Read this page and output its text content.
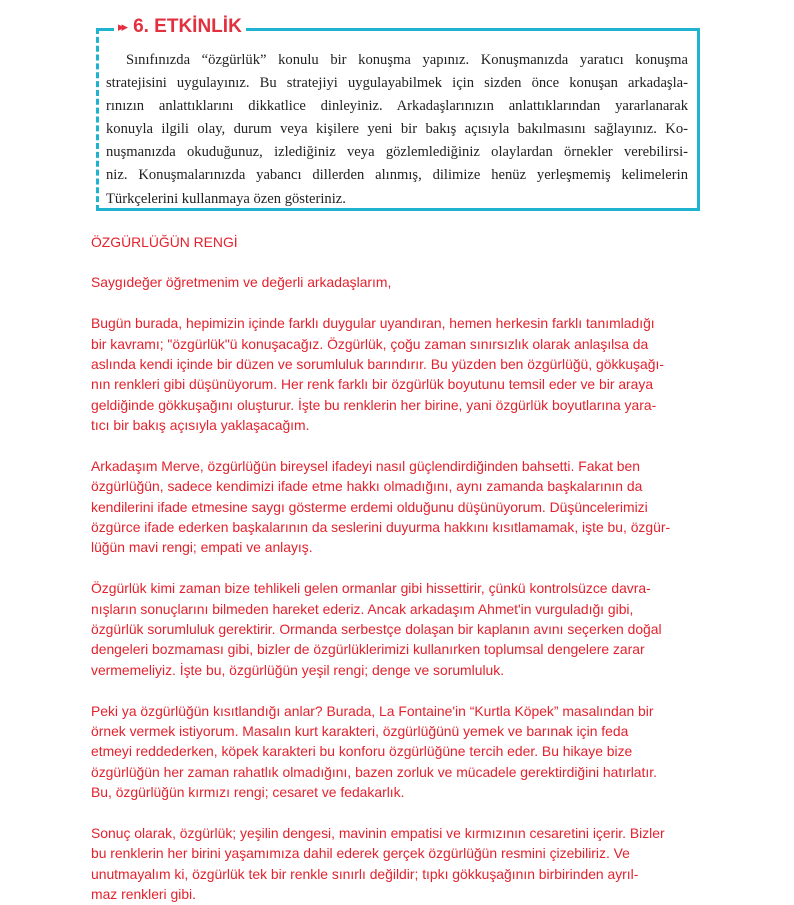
▸▸ 6. ETKİNLİK
Sınıfınızda “özgürlük” konulu bir konuşma yapınız. Konuşmanızda yaratıcı konuşma
stratejisini uygulayınız. Bu stratejiyi uygulayabilmek için sizden önce konuşan arkadaşla-
rınızın anlattıklarını dikkatlice dinleyiniz. Arkadaşlarınızın anlattıklarından yararlanarak
konuyla ilgili olay, durum veya kişilere yeni bir bakış açısıyla bakılmasını sağlayınız. Ko-
nuşmanızda okuduğunuz, izlediğiniz veya gözlemlediğiniz olaylardan örnekler verebilirsi-
niz. Konuşmalarınızda yabancı dillerden alınmış, dilimize henüz yerleşmemiş kelimelerin
Türkçelerini kullanmaya özen gösteriniz.
ÖZGÜRLÜĞÜN RENGİ
Saygıdeğer öğretmenim ve değerli arkadaşlarım,
Bugün burada, hepimizin içinde farklı duygular uyandıran, hemen herkesin farklı tanımladığı
bir kavramı; "özgürlük"ü konuşacağız. Özgürlük, çoğu zaman sınırsızlık olarak anlaşılsa da
aslında kendi içinde bir düzen ve sorumluluk barındırır. Bu yüzden ben özgürlüğü, gökkuşağı-
nın renkleri gibi düşünüyorum. Her renk farklı bir özgürlük boyutunu temsil eder ve bir araya
geldiğinde gökkuşağını oluşturur. İşte bu renklerin her birine, yani özgürlük boyutlarına yara-
tıcı bir bakış açısıyla yaklaşacağım.
Arkadaşım Merve, özgürlüğün bireysel ifadeyi nasıl güçlendirdiğinden bahsetti. Fakat ben
özgürlüğün, sadece kendimizi ifade etme hakkı olmadığını, aynı zamanda başkalarının da
kendilerini ifade etmesine saygı gösterme erdemi olduğunu düşünüyorum. Düşüncelerimizi
özgürce ifade ederken başkalarının da seslerini duyurma hakkını kısıtlamamak, işte bu, özgür-
lüğün mavi rengi; empati ve anlayış.
Özgürlük kimi zaman bize tehlikeli gelen ormanlar gibi hissettirir, çünkü kontrolsüzce davra-
nışların sonuçlarını bilmeden hareket ederiz. Ancak arkadaşım Ahmet'in vurguladığı gibi,
özgürlük sorumluluk gerektirir. Ormanda serbestçe dolaşan bir kaplanın avını seçerken doğal
dengeleri bozmaması gibi, bizler de özgürlüklerimizi kullanırken toplumsal dengelere zarar
vermemeliyiz. İşte bu, özgürlüğün yeşil rengi; denge ve sorumluluk.
Peki ya özgürlüğün kısıtlandığı anlar? Burada, La Fontaine'in “Kurtla Köpek” masalından bir
örnek vermek istiyorum. Masalın kurt karakteri, özgürlüğünü yemek ve barınak için feda
etmeyi reddederken, köpek karakteri bu konforu özgürlüğüne tercih eder. Bu hikaye bize
özgürlüğün her zaman rahatlık olmadığını, bazen zorluk ve mücadele gerektirdiğini hatırlatır.
Bu, özgürlüğün kırmızı rengi; cesaret ve fedakarlık.
Sonuç olarak, özgürlük; yeşilin dengesi, mavinin empatisi ve kırmızının cesaretini içerir. Bizler
bu renklerin her birini yaşamımıza dahil ederek gerçek özgürlüğün resmini çizebiliriz. Ve
unutmayalım ki, özgürlük tek bir renkle sınırlı değildir; tıpkı gökkuşağının birbirinden ayrıl-
maz renkleri gibi.
